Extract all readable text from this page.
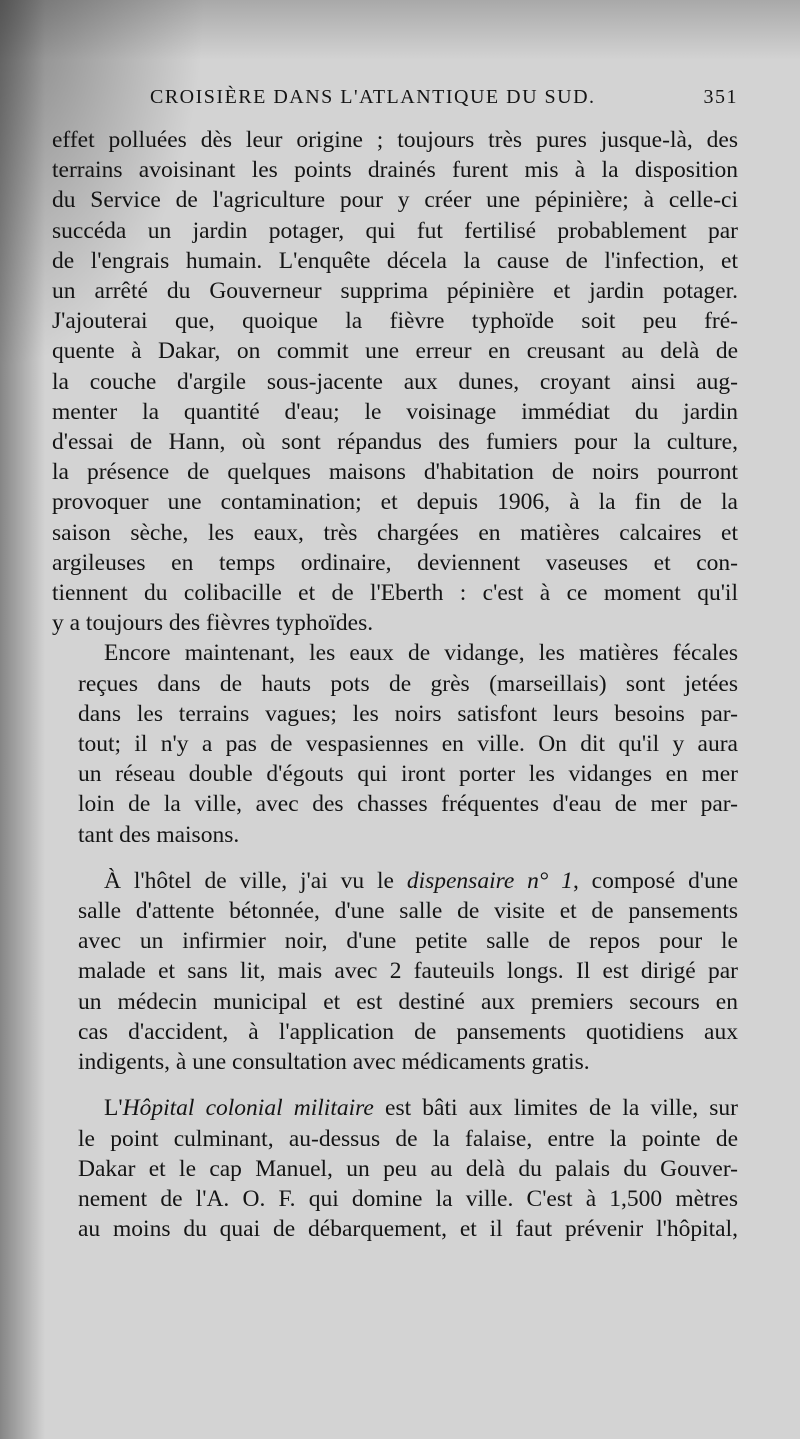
CROISIÈRE DANS L'ATLANTIQUE DU SUD.	351

effet polluées dès leur origine ; toujours très pures jusque-là, des
terrains avoisinant les points drainés furent mis à la disposition
du Service de l'agriculture pour y créer une pépinière; à celle-ci
succéda un jardin potager, qui fut fertilisé probablement par
de l'engrais humain. L'enquête décela la cause de l'infection, et
un arrêté du Gouverneur supprima pépinière et jardin potager.
J'ajouterai que, quoique la fièvre typhoïde soit peu fré-
quente à Dakar, on commit une erreur en creusant au delà de
la couche d'argile sous-jacente aux dunes, croyant ainsi aug-
menter la quantité d'eau; le voisinage immédiat du jardin
d'essai de Hann, où sont répandus des fumiers pour la culture,
la présence de quelques maisons d'habitation de noirs pourront
provoquer une contamination; et depuis 1906, à la fin de la
saison sèche, les eaux, très chargées en matières calcaires et
argileuses en temps ordinaire, deviennent vaseuses et con-
tiennent du colibacille et de l'Eberth : c'est à ce moment qu'il
y a toujours des fièvres typhoïdes.

Encore maintenant, les eaux de vidange, les matières fécales
reçues dans de hauts pots de grès (marseillais) sont jetées
dans les terrains vagues; les noirs satisfont leurs besoins par-
tout; il n'y a pas de vespasiennes en ville. On dit qu'il y aura
un réseau double d'égouts qui iront porter les vidanges en mer
loin de la ville, avec des chasses fréquentes d'eau de mer par-
tant des maisons.

À l'hôtel de ville, j'ai vu le dispensaire n° 1, composé d'une
salle d'attente bétonnée, d'une salle de visite et de pansements
avec un infirmier noir, d'une petite salle de repos pour le
malade et sans lit, mais avec 2 fauteuils longs. Il est dirigé par
un médecin municipal et est destiné aux premiers secours en
cas d'accident, à l'application de pansements quotidiens aux
indigents, à une consultation avec médicaments gratis.

L'Hôpital colonial militaire est bâti aux limites de la ville, sur
le point culminant, au-dessus de la falaise, entre la pointe de
Dakar et le cap Manuel, un peu au delà du palais du Gouver-
nement de l'A. O. F. qui domine la ville. C'est à 1,500 mètres
au moins du quai de débarquement, et il faut prévenir l'hôpital,
